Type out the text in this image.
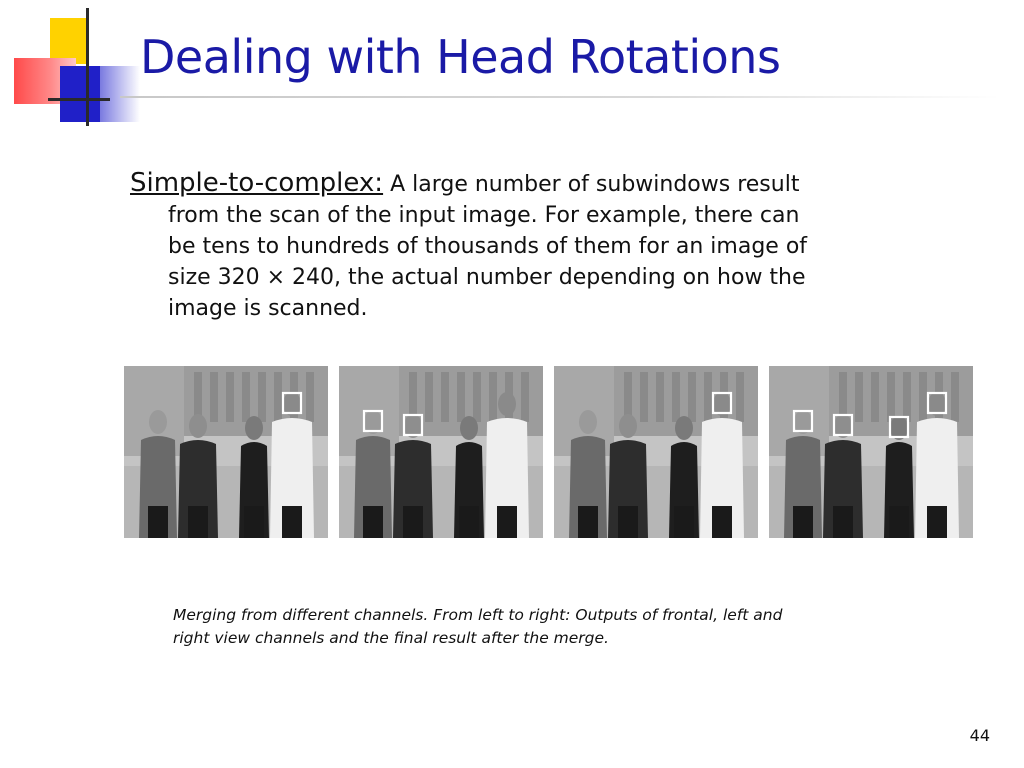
Dealing with Head Rotations
Simple-to-complex: A large number of subwindows result
from the scan of the input image. For example, there can
be tens to hundreds of thousands of them for an image of
size 320 × 240, the actual number depending on how the
image is scanned.
Merging from different channels. From left to right: Outputs of frontal, left and
right view channels and the final result after the merge.
44
